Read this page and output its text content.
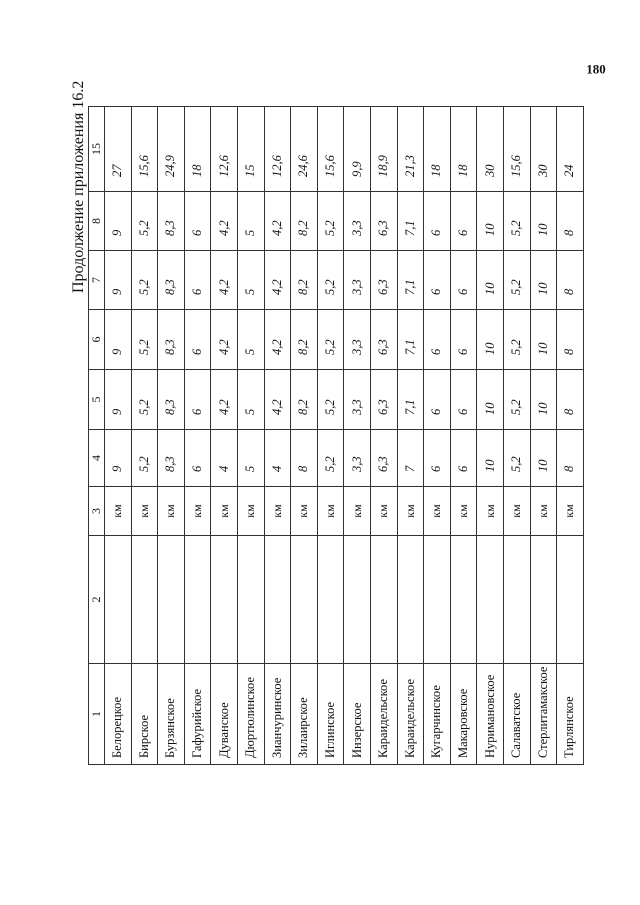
Продолжение приложения 16.2
180
1	2	3	4	5	6	7	8	15
Белорецкое		км	9	9	9	9	9	27
Бирское		км	5,2	5,2	5,2	5,2	5,2	15,6
Бурзянское		км	8,3	8,3	8,3	8,3	8,3	24,9
Гафурийское		км	6	6	6	6	6	18
Дуванское		км	4	4,2	4,2	4,2	4,2	12,6
Дюртюлинское		км	5	5	5	5	5	15
Зианчуринское		км	4	4,2	4,2	4,2	4,2	12,6
Зилаирское		км	8	8,2	8,2	8,2	8,2	24,6
Иглинское		км	5,2	5,2	5,2	5,2	5,2	15,6
Инзерское		км	3,3	3,3	3,3	3,3	3,3	9,9
Караидельское		км	6,3	6,3	6,3	6,3	6,3	18,9
Караидельское		км	7	7,1	7,1	7,1	7,1	21,3
Кугарчинское		км	6	6	6	6	6	18
Макаровское		км	6	6	6	6	6	18
Нуримановское		км	10	10	10	10	10	30
Салаватское		км	5,2	5,2	5,2	5,2	5,2	15,6
Стерлитамакское		км	10	10	10	10	10	30
Тирлянское		км	8	8	8	8	8	24
